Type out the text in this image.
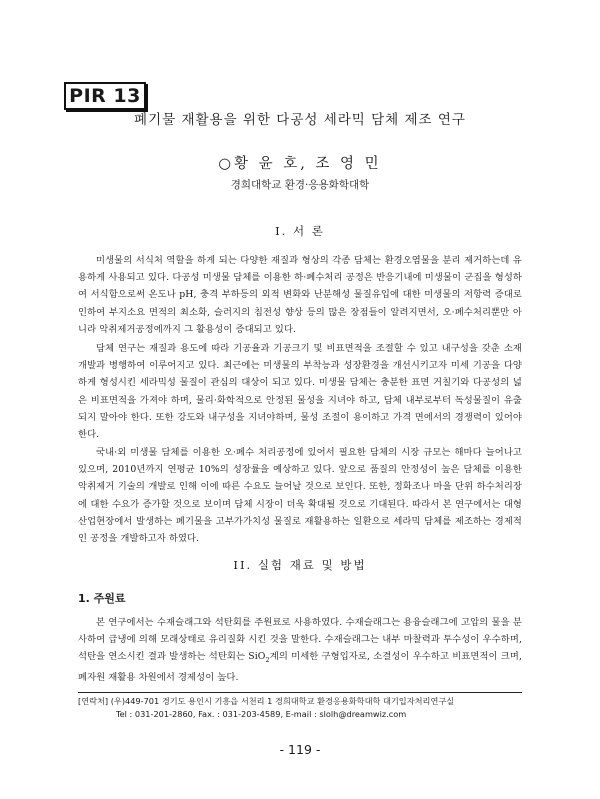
PIR 13
폐기물 재활용을 위한 다공성 세라믹 담체 제조 연구
○황 윤 호, 조 영 민
경희대학교 환경·응용화학대학
I. 서 론

미생물의 서식처 역할을 하게 되는 다양한 재질과 형상의 각종 담체는 환경오염물을 분리 제거하는데 유용하게 사용되고 있다. 다공성 미생물 담체를 이용한 하·폐수처리 공정은 반응기내에 미생물이 군집을 형성하여 서식함으로써 온도나 pH, 충격 부하등의 외적 변화와 난분해성 물질유입에 대한 미생물의 저항력 증대로 인하여 부지소요 면적의 최소화, 슬러지의 침전성 향상 등의 많은 장점들이 알려지면서, 오·폐수처리뿐만 아니라 악취제거공정에까지 그 활용성이 증대되고 있다.

담체 연구는 재질과 용도에 따라 기공율과 기공크기 및 비표면적을 조절할 수 있고 내구성을 갖춘 소재 개발과 병행하여 이루어지고 있다. 최근에는 미생물의 부착능과 성장환경을 개선시키고자 미세 기공을 다양하게 형성시킨 세라믹성 물질이 관심의 대상이 되고 있다. 미생물 담체는 충분한 표면 거칠기와 다공성의 넓은 비표면적을 가져야 하며, 물리·화학적으로 안정된 물성을 지녀야 하고, 담체 내부로부터 독성물질이 유출되지 말아야 한다. 또한 강도와 내구성을 지녀야하며, 물성 조절이 용이하고 가격 면에서의 경쟁력이 있어야 한다.

국내·외 미생물 담체를 이용한 오·폐수 처리공정에 있어서 필요한 담체의 시장 규모는 해마다 늘어나고 있으며, 2010년까지 연평균 10%의 성장률을 예상하고 있다. 앞으로 품질의 안정성이 높은 담체를 이용한 악취제거 기술의 개발로 인해 이에 따른 수요도 늘어날 것으로 보인다. 또한, 정화조나 마을 단위 하수처리장에 대한 수요가 증가할 것으로 보이며 담체 시장이 더욱 확대될 것으로 기대된다. 따라서 본 연구에서는 대형산업현장에서 발생하는 폐기물을 고부가가치성 물질로 재활용하는 일환으로 세라믹 담체를 제조하는 경제적인 공정을 개발하고자 하였다.

II. 실험 재료 및 방법
1. 주원료

본 연구에서는 수재슬래그와 석탄회를 주원료로 사용하였다. 수재슬래그는 용융슬래그에 고압의 물을 분사하여 급냉에 의해 모래상태로 유리질화 시킨 것을 말한다. 수재슬래그는 내부 마찰력과 투수성이 우수하며, 석탄을 연소시킨 결과 발생하는 석탄회는 SiO$_2$계의 미세한 구형입자로, 소결성이 우수하고 비표면적이 크며, 폐자원 재활용 차원에서 경제성이 높다.

[연락처] (우)449-701 경기도 용인시 기흥읍 서천리 1 경희대학교 환경응용화학대학 대기입자처리연구실
Tel : 031-201-2860, Fax. : 031-203-4589, E-mail : slolh@dreamwiz.com
- 119 -
